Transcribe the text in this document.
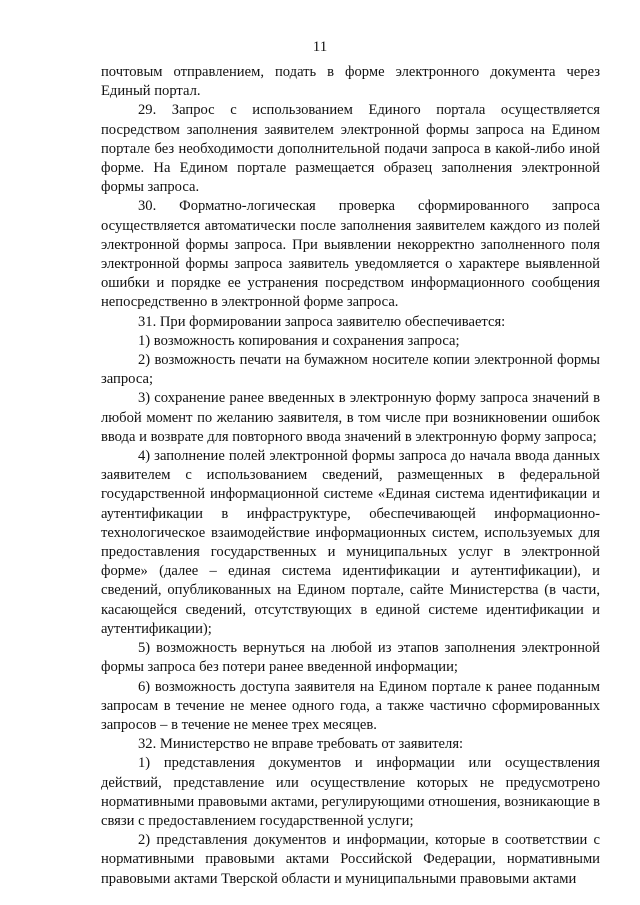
11

почтовым отправлением, подать в форме электронного документа через Единый портал.

29. Запрос с использованием Единого портала осуществляется посредством заполнения заявителем электронной формы запроса на Едином портале без необходимости дополнительной подачи запроса в какой-либо иной форме. На Едином портале размещается образец заполнения электронной формы запроса.

30. Форматно-логическая проверка сформированного запроса осуществляется автоматически после заполнения заявителем каждого из полей электронной формы запроса. При выявлении некорректно заполненного поля электронной формы запроса заявитель уведомляется о характере выявленной ошибки и порядке ее устранения посредством информационного сообщения непосредственно в электронной форме запроса.

31. При формировании запроса заявителю обеспечивается:

1) возможность копирования и сохранения запроса;

2) возможность печати на бумажном носителе копии электронной формы запроса;

3) сохранение ранее введенных в электронную форму запроса значений в любой момент по желанию заявителя, в том числе при возникновении ошибок ввода и возврате для повторного ввода значений в электронную форму запроса;

4) заполнение полей электронной формы запроса до начала ввода данных заявителем с использованием сведений, размещенных в федеральной государственной информационной системе «Единая система идентификации и аутентификации в инфраструктуре, обеспечивающей информационно-технологическое взаимодействие информационных систем, используемых для предоставления государственных и муниципальных услуг в электронной форме» (далее – единая система идентификации и аутентификации), и сведений, опубликованных на Едином портале, сайте Министерства (в части, касающейся сведений, отсутствующих в единой системе идентификации и аутентификации);

5) возможность вернуться на любой из этапов заполнения электронной формы запроса без потери ранее введенной информации;

6) возможность доступа заявителя на Едином портале к ранее поданным запросам в течение не менее одного года, а также частично сформированных запросов – в течение не менее трех месяцев.

32. Министерство не вправе требовать от заявителя:

1) представления документов и информации или осуществления действий, представление или осуществление которых не предусмотрено нормативными правовыми актами, регулирующими отношения, возникающие в связи с предоставлением государственной услуги;

2) представления документов и информации, которые в соответствии с нормативными правовыми актами Российской Федерации, нормативными правовыми актами Тверской области и муниципальными правовыми актами
